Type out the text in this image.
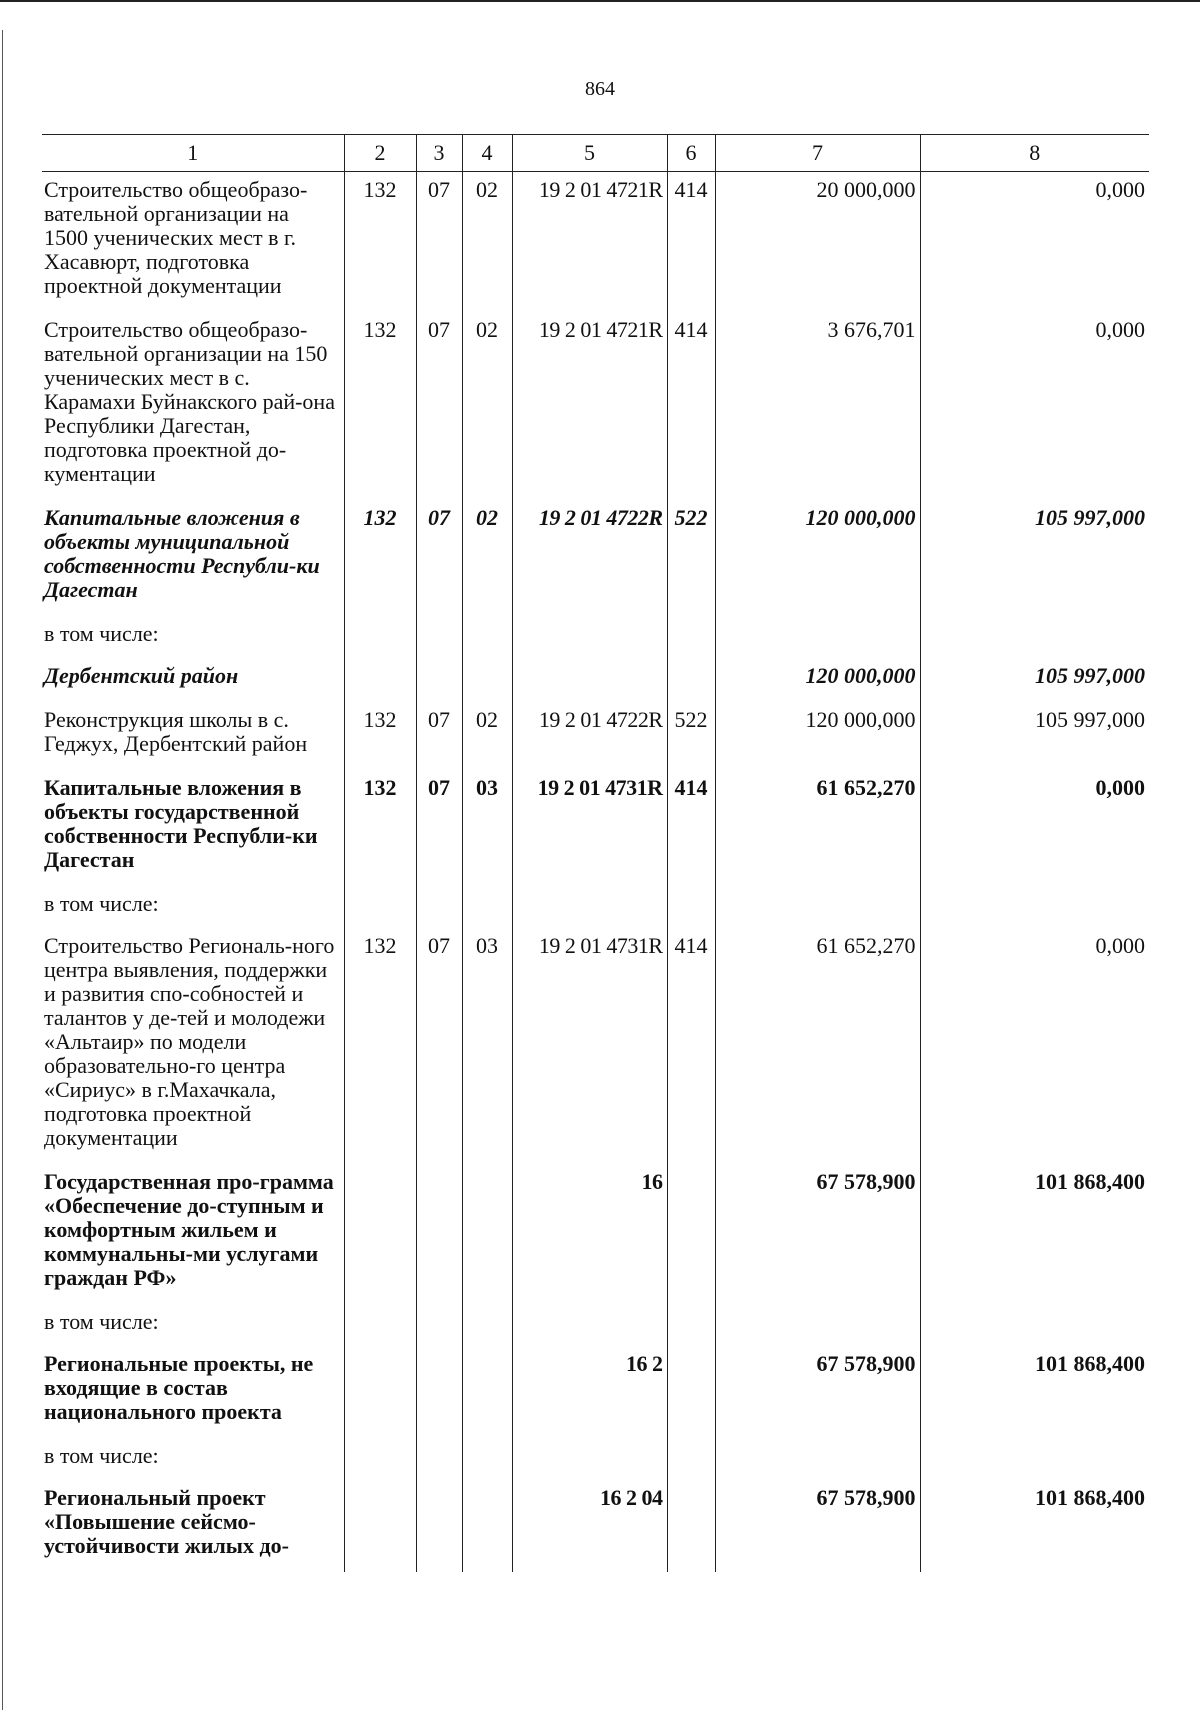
864
1	2	3	4	5	6	7	8
Строительство общеобразо-вательной организации на 1500 ученических мест в г. Хасавюрт, подготовка проектной документации	132	07	02	19 2 01 4721R	414	20 000,000	0,000
Строительство общеобразо-вательной организации на 150 ученических мест в с. Карамахи Буйнакского рай-она Республики Дагестан, подготовка проектной до-кументации	132	07	02	19 2 01 4721R	414	3 676,701	0,000
Капитальные вложения в объекты муниципальной собственности Республи-ки Дагестан	132	07	02	19 2 01 4722R	522	120 000,000	105 997,000
в том числе:							
Дербентский район						120 000,000	105 997,000
Реконструкция школы в с. Геджух, Дербентский район	132	07	02	19 2 01 4722R	522	120 000,000	105 997,000
Капитальные вложения в объекты государственной собственности Республи-ки Дагестан	132	07	03	19 2 01 4731R	414	61 652,270	0,000
в том числе:							
Строительство Региональ-ного центра выявления, поддержки и развития спо-собностей и талантов у де-тей и молодежи «Альтаир» по модели образовательно-го центра «Сириус» в г.Махачкала, подготовка проектной документации	132	07	03	19 2 01 4731R	414	61 652,270	0,000
Государственная про-грамма «Обеспечение до-ступным и комфортным жильем и коммунальны-ми услугами граждан РФ»				16		67 578,900	101 868,400
в том числе:							
Региональные проекты, не входящие в состав национального проекта				16 2		67 578,900	101 868,400
в том числе:							
Региональный проект «Повышение сейсмо-устойчивости жилых до-				16 2 04		67 578,900	101 868,400
